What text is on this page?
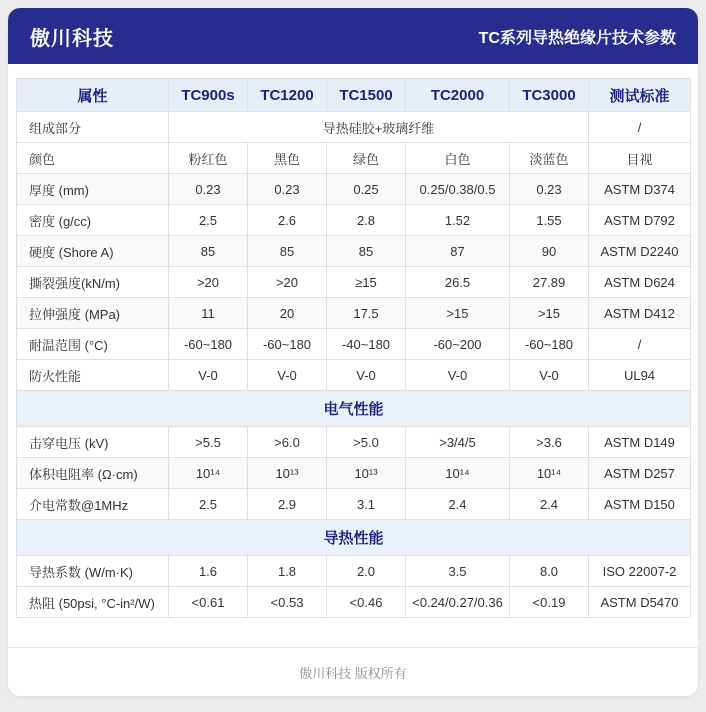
傲川科技	TC系列导热绝缘片技术参数
属性	TC900s	TC1200	TC1500	TC2000	TC3000	测试标准
组成部分	导热硅胶+玻璃纤维					/
颜色	粉红色	黑色	绿色	白色	淡蓝色	目视
厚度 (mm)	0.23	0.23	0.25	0.25/0.38/0.5	0.23	ASTM D374
密度 (g/cc)	2.5	2.6	2.8	1.52	1.55	ASTM D792
硬度 (Shore A)	85	85	85	87	90	ASTM D2240
撕裂强度(kN/m)	>20	>20	≥15	26.5	27.89	ASTM D624
拉伸强度 (MPa)	11	20	17.5	>15	>15	ASTM D412
耐温范围 (°C)	-60~180	-60~180	-40~180	-60~200	-60~180	/
防火性能	V-0	V-0	V-0	V-0	V-0	UL94
电气性能						
击穿电压 (kV)	>5.5	>6.0	>5.0	>3/4/5	>3.6	ASTM D149
体积电阻率 (Ω·cm)	10¹⁴	10¹³	10¹³	10¹⁴	10¹⁴	ASTM D257
介电常数@1MHz	2.5	2.9	3.1	2.4	2.4	ASTM D150
导热性能						
导热系数 (W/m·K)	1.6	1.8	2.0	3.5	8.0	ISO 22007-2
热阻 (50psi, °C-in²/W)	<0.61	<0.53	<0.46	<0.24/0.27/0.36	<0.19	ASTM D5470
傲川科技 版权所有
